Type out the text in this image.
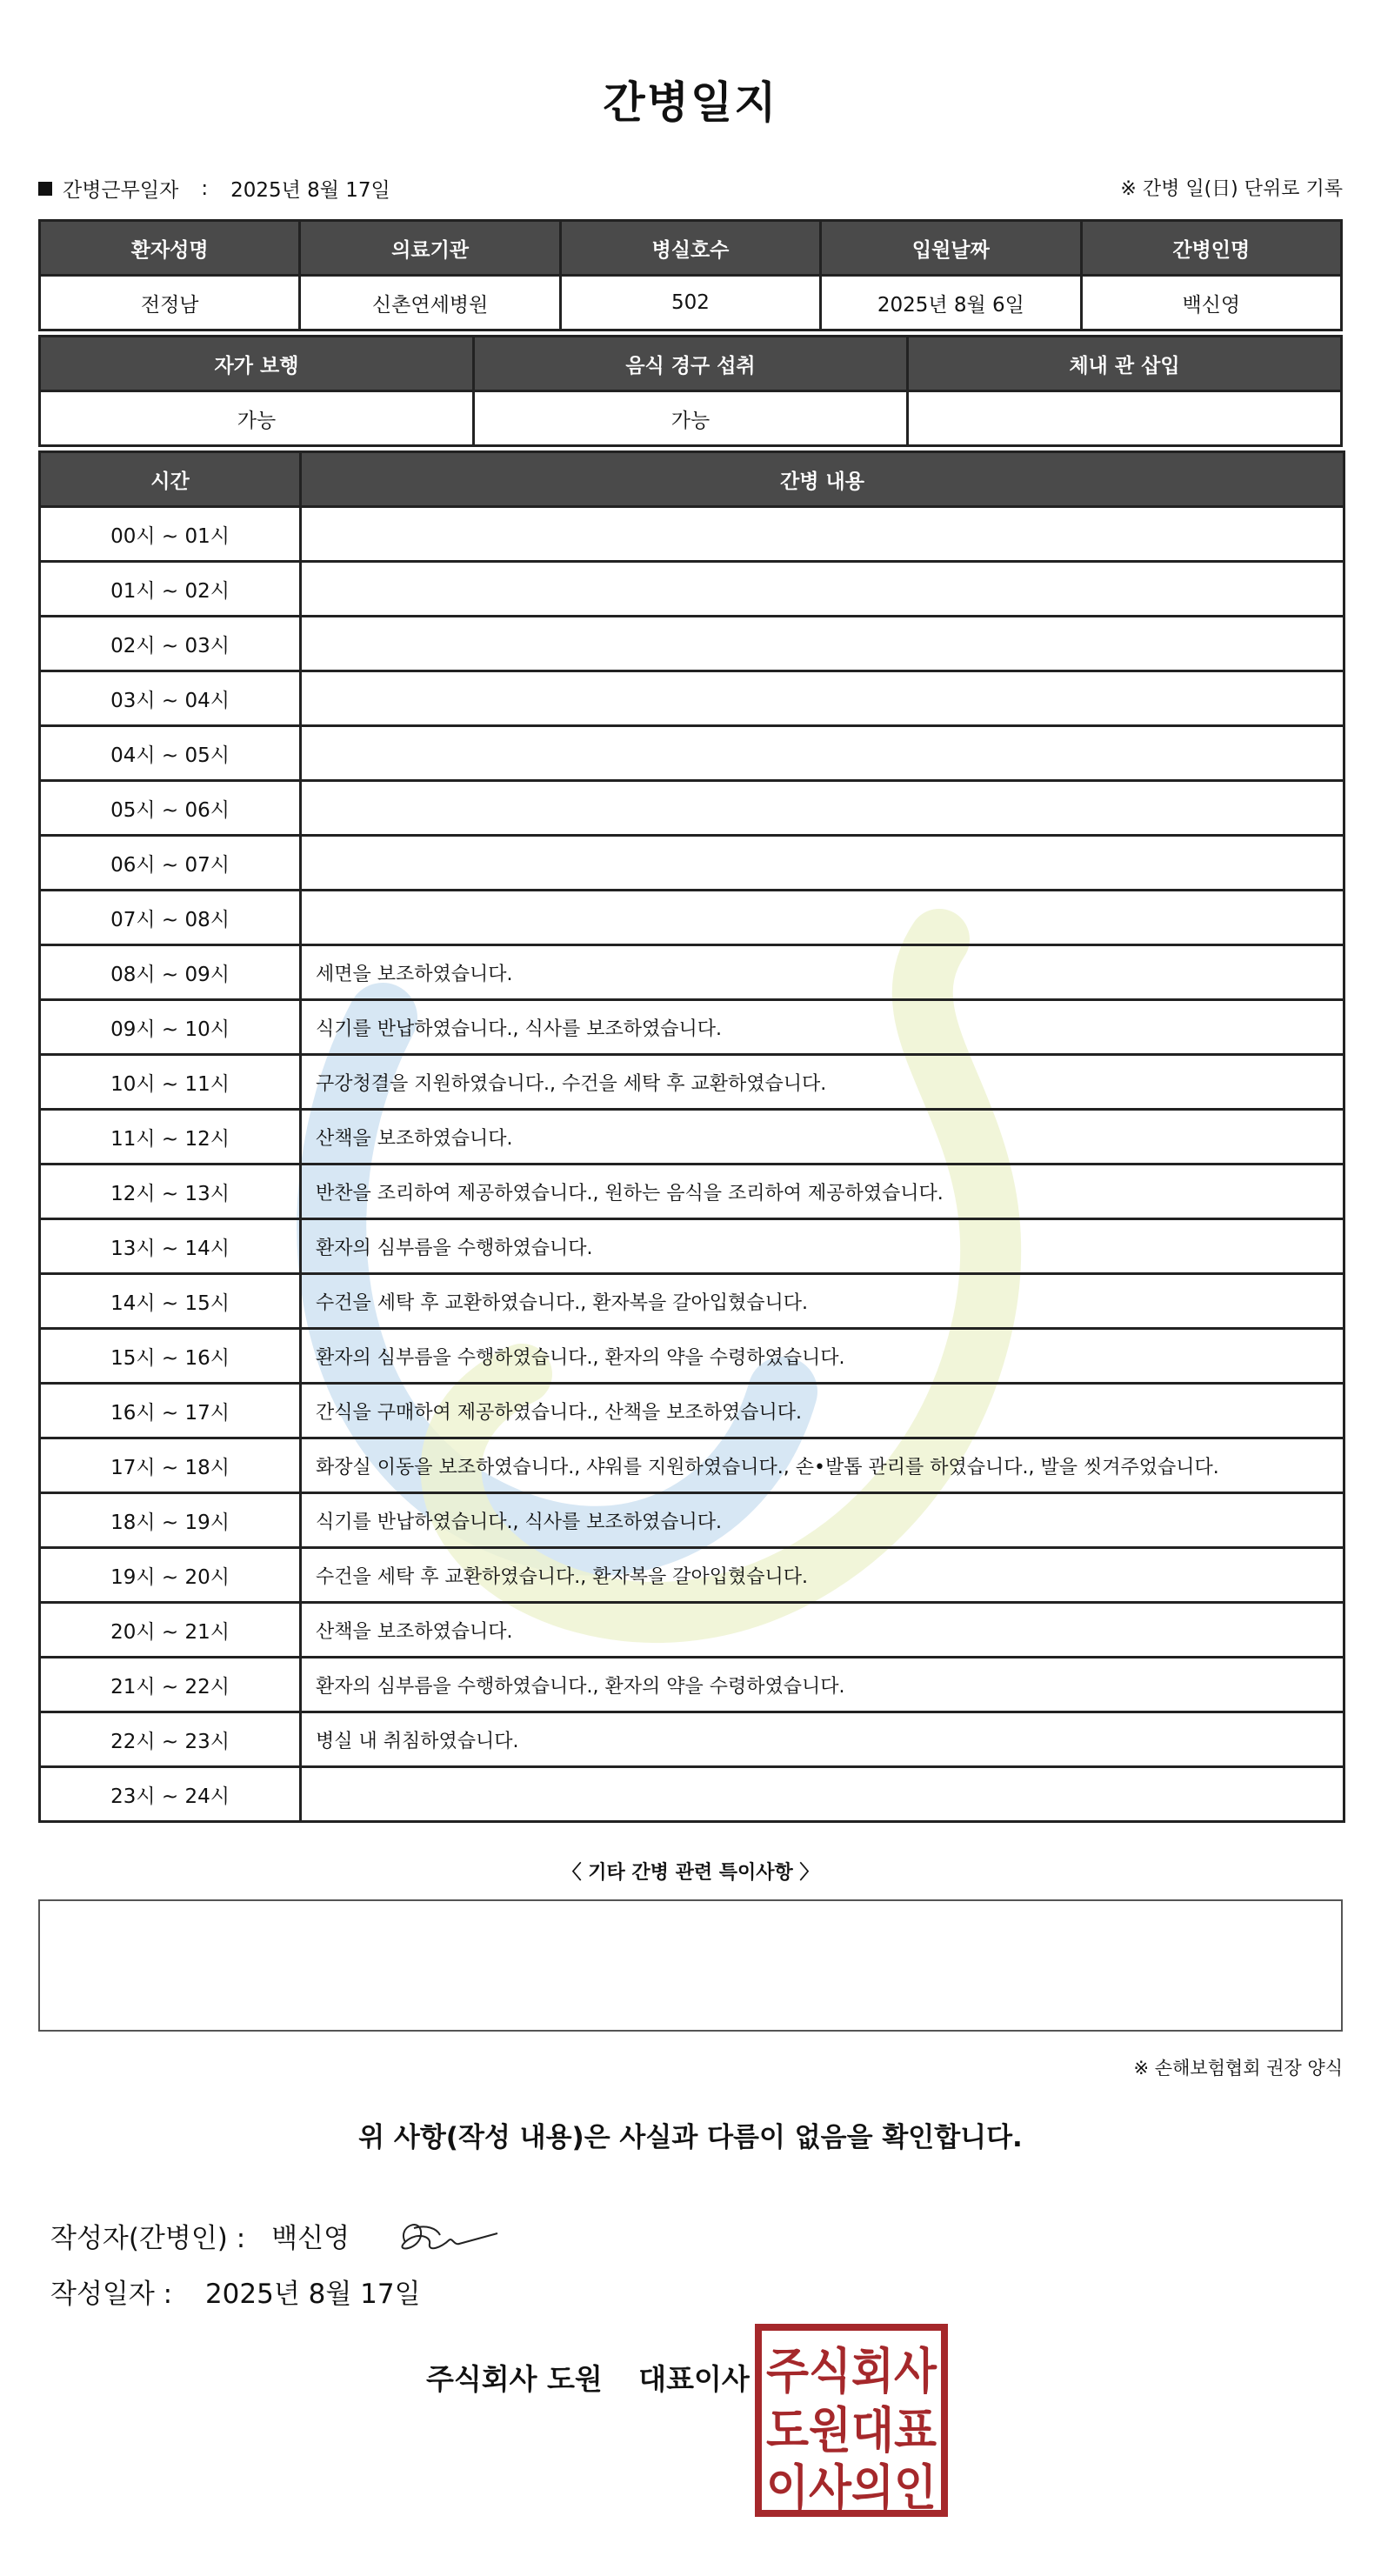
간병일지
간병근무일자 : 2025년 8월 17일	※ 간병 일(日) 단위로 기록
환자성명	의료기관	병실호수	입원날짜	간병인명
전정남	신촌연세병원	502	2025년 8월 6일	백신영
자가 보행	음식 경구 섭취	체내 관 삽입
가능	가능	
시간	간병 내용
00시 ~ 01시	
01시 ~ 02시	
02시 ~ 03시	
03시 ~ 04시	
04시 ~ 05시	
05시 ~ 06시	
06시 ~ 07시	
07시 ~ 08시	
08시 ~ 09시	세면을 보조하였습니다.
09시 ~ 10시	식기를 반납하였습니다., 식사를 보조하였습니다.
10시 ~ 11시	구강청결을 지원하였습니다., 수건을 세탁 후 교환하였습니다.
11시 ~ 12시	산책을 보조하였습니다.
12시 ~ 13시	반찬을 조리하여 제공하였습니다., 원하는 음식을 조리하여 제공하였습니다.
13시 ~ 14시	환자의 심부름을 수행하였습니다.
14시 ~ 15시	수건을 세탁 후 교환하였습니다., 환자복을 갈아입혔습니다.
15시 ~ 16시	환자의 심부름을 수행하였습니다., 환자의 약을 수령하였습니다.
16시 ~ 17시	간식을 구매하여 제공하였습니다., 산책을 보조하였습니다.
17시 ~ 18시	화장실 이동을 보조하였습니다., 샤워를 지원하였습니다., 손•발톱 관리를 하였습니다., 발을 씻겨주었습니다.
18시 ~ 19시	식기를 반납하였습니다., 식사를 보조하였습니다.
19시 ~ 20시	수건을 세탁 후 교환하였습니다., 환자복을 갈아입혔습니다.
20시 ~ 21시	산책을 보조하였습니다.
21시 ~ 22시	환자의 심부름을 수행하였습니다., 환자의 약을 수령하였습니다.
22시 ~ 23시	병실 내 취침하였습니다.
23시 ~ 24시	
〈 기타 간병 관련 특이사항 〉
※ 손해보험협회 권장 양식
위 사항(작성 내용)은 사실과 다름이 없음을 확인합니다.
작성자(간병인) : 백신영
작성일자 : 2025년 8월 17일
주식회사 도원 대표이사 주식회사
도원대표
이사의인
